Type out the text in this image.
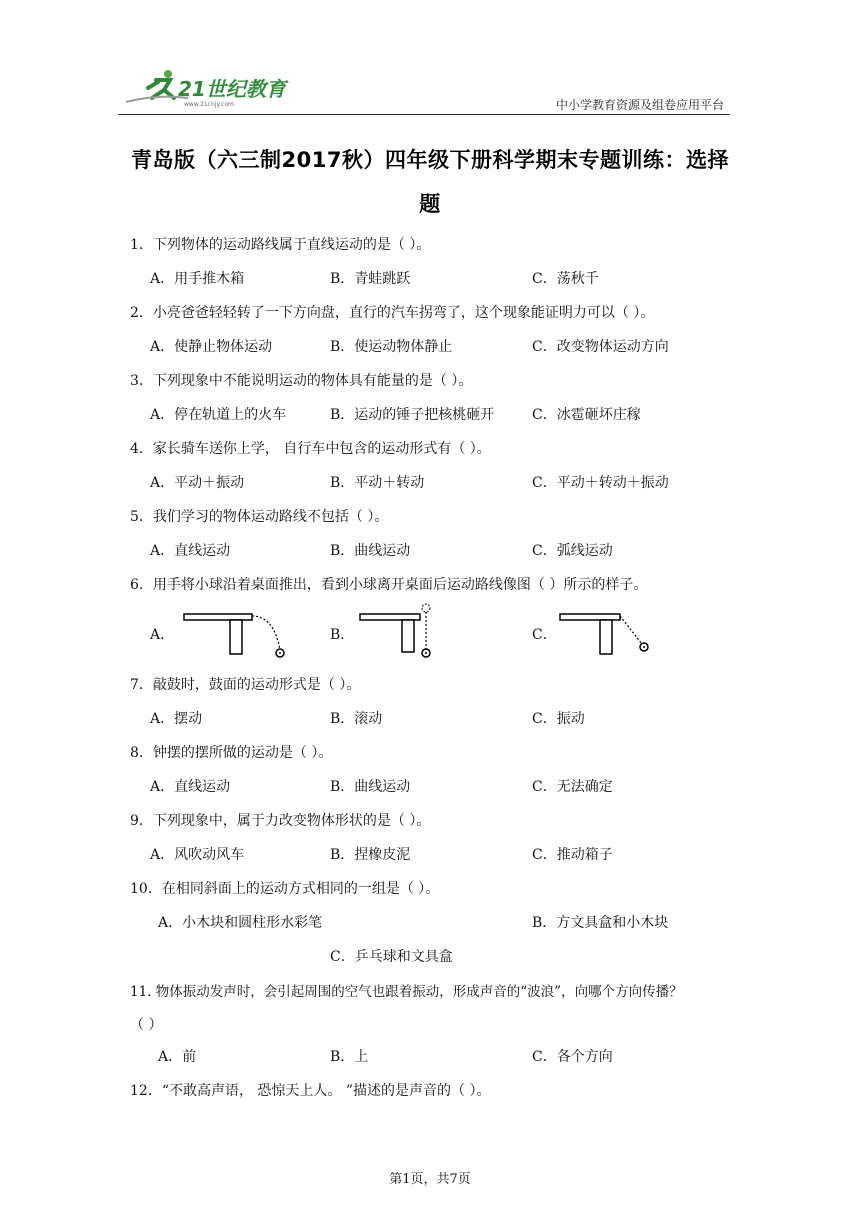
21世纪教育
www.21cnjy.com	中小学教育资源及组卷应用平台
青岛版（六三制2017秋）四年级下册科学期末专题训练：选择
题
1．下列物体的运动路线属于直线运动的是（ ）。
A．用手推木箱	B．青蛙跳跃	C．荡秋千
2．小亮爸爸轻轻转了一下方向盘，直行的汽车拐弯了，这个现象能证明力可以（ ）。
A．使静止物体运动	B．使运动物体静止	C．改变物体运动方向
3．下列现象中不能说明运动的物体具有能量的是（ ）。
A．停在轨道上的火车	B．运动的锤子把核桃砸开	C．冰雹砸坏庄稼
4．家长骑车送你上学， 自行车中包含的运动形式有（ ）。
A．平动＋振动	B．平动＋转动	C．平动＋转动＋振动
5．我们学习的物体运动路线不包括（ ）。
A．直线运动	B．曲线运动	C．弧线运动
6．用手将小球沿着桌面推出，看到小球离开桌面后运动路线像图（ ）所示的样子。
A．	B．	C．
7．敲鼓时，鼓面的运动形式是（ ）。
A．摆动	B．滚动	C．振动
8．钟摆的摆所做的运动是（ ）。
A．直线运动	B．曲线运动	C．无法确定
9．下列现象中，属于力改变物体形状的是（ ）。
A．风吹动风车	B．捏橡皮泥	C．推动箱子
10．在相同斜面上的运动方式相同的一组是（ ）。
A．小木块和圆柱形水彩笔	B．方文具盒和小木块
C．乒乓球和文具盒
11. 物体振动发声时，会引起周围的空气也跟着振动，形成声音的“波浪”，向哪个方向传播？
（ ）
A．前	B．上	C．各个方向
12．“不敢高声语， 恐惊天上人。 ”描述的是声音的（ ）。
第1页，共7页
